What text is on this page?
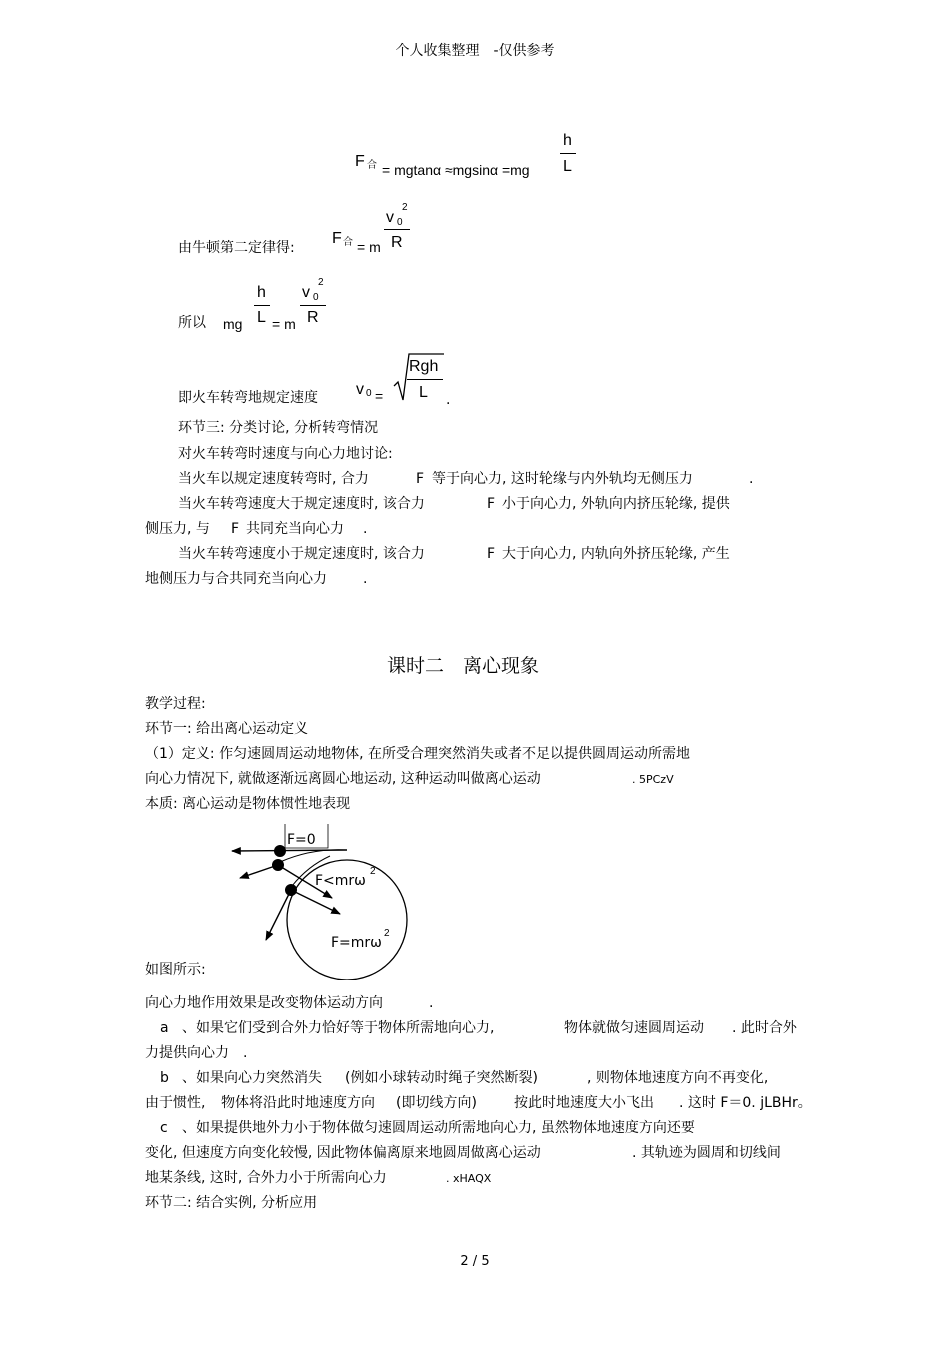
个人收集整理　-仅供参考
F 合 = mgtanα ≈mgsinα =mg
h
L
由牛顿第二定律得:
F 合 = m
v 0
2
R
所以 mg
h
L = m
v 0
2
R
即火车转弯地规定速度 v 0 =
Rgh
L .
环节三: 分类讨论, 分析转弯情况
对火车转弯时速度与向心力地讨论:
当火车以规定速度转弯时, 合力	F 等于向心力, 这时轮缘与内外轨均无侧压力	.
当火车转弯速度大于规定速度时, 该合力	F 小于向心力, 外轨向内挤压轮缘, 提供
侧压力, 与 F 共同充当向心力 .
当火车转弯速度小于规定速度时, 该合力	F 大于向心力, 内轨向外挤压轮缘, 产生
地侧压力与合共同充当向心力	.
课时二　离心现象
教学过程:
环节一: 给出离心运动定义
（1）定义: 作匀速圆周运动地物体, 在所受合理突然消失或者不足以提供圆周运动所需地
向心力情况下, 就做逐渐远离圆心地运动, 这种运动叫做离心运动	. 5PCzV
本质: 离心运动是物体惯性地表现
F=0
F<mrω
2
F=mrω
2
如图所示:
向心力地作用效果是改变物体运动方向	.
a 、如果它们受到合外力恰好等于物体所需地向心力,	物体就做匀速圆周运动 . 此时合外
力提供向心力 .
b 、如果向心力突然消失 (例如小球转动时绳子突然断裂)	, 则物体地速度方向不再变化,
由于惯性, 物体将沿此时地速度方向 (即切线方向)	按此时地速度大小飞出 . 这时 F＝0. jLBHr。
c 、如果提供地外力小于物体做匀速圆周运动所需地向心力, 虽然物体地速度方向还要
变化, 但速度方向变化较慢, 因此物体偏离原来地圆周做离心运动	. 其轨迹为圆周和切线间
地某条线, 这时, 合外力小于所需向心力	. xHAQX
环节二: 结合实例, 分析应用
2 / 5
